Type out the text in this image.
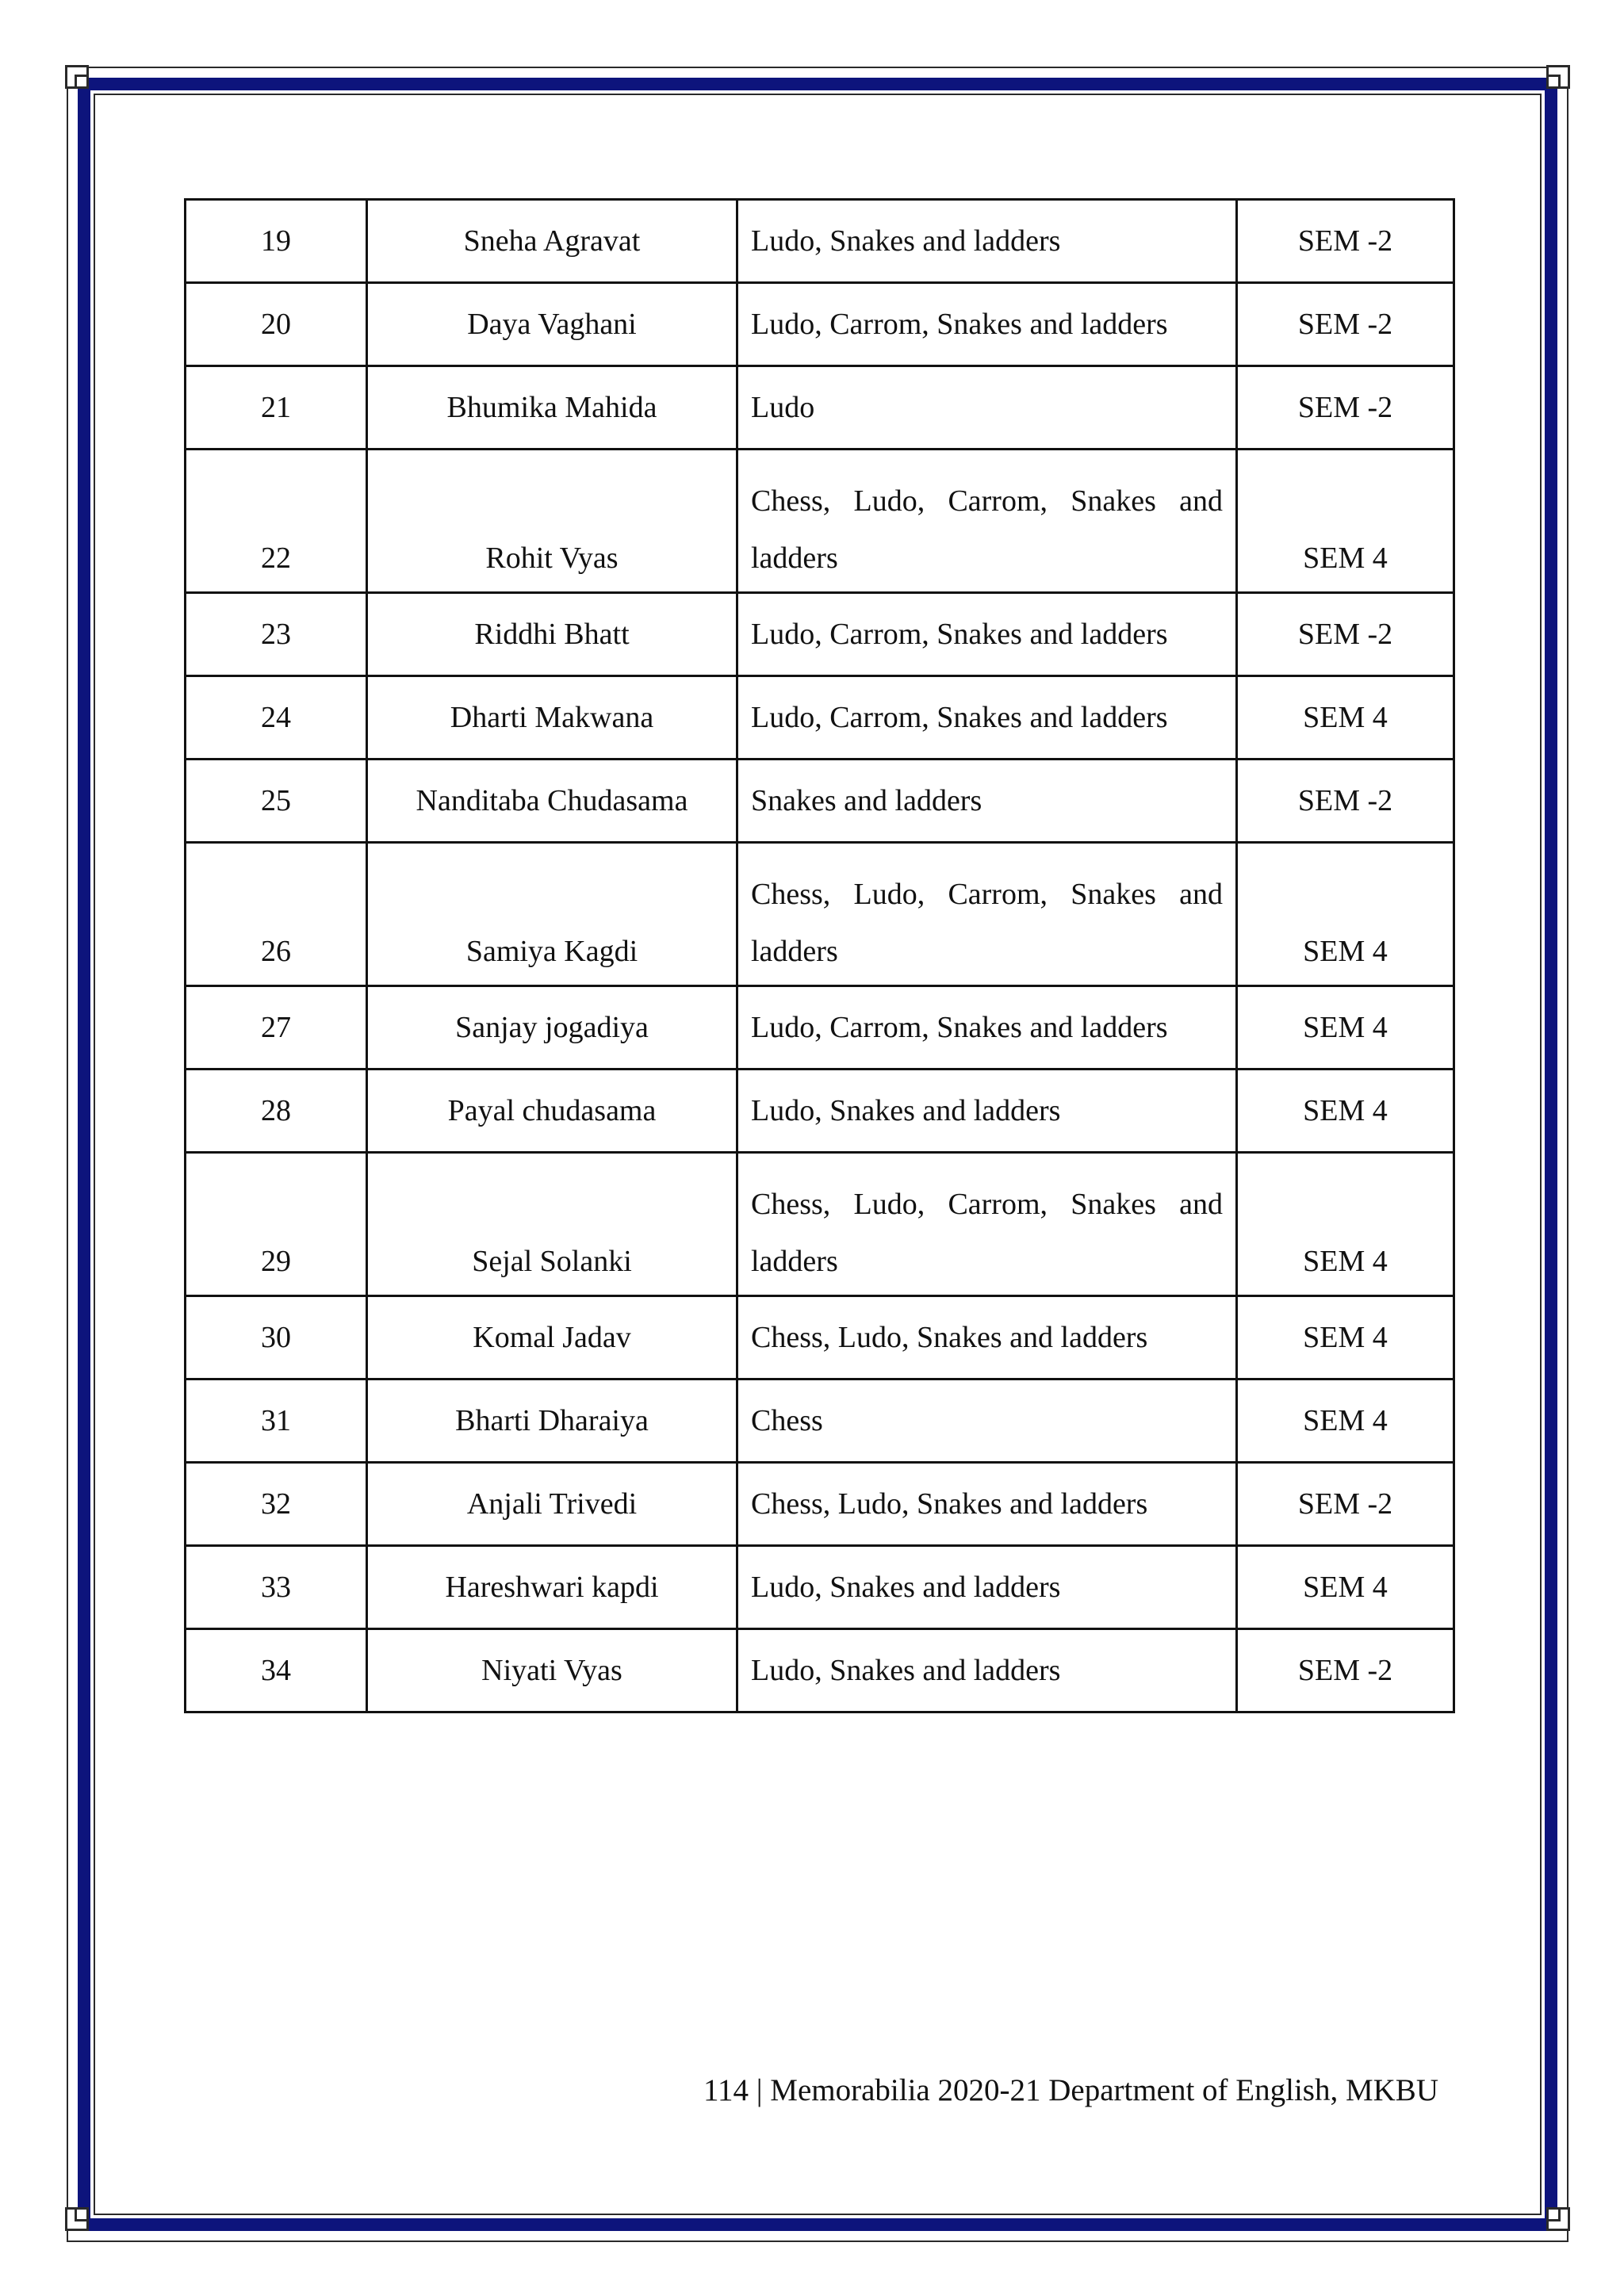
19	Sneha Agravat	Ludo, Snakes and ladders	SEM -2
20	Daya Vaghani	Ludo, Carrom, Snakes and ladders	SEM -2
21	Bhumika Mahida	Ludo	SEM -2
22	Rohit Vyas	Chess, Ludo, Carrom, Snakes and ladders	SEM 4
23	Riddhi Bhatt	Ludo, Carrom, Snakes and ladders	SEM -2
24	Dharti Makwana	Ludo, Carrom, Snakes and ladders	SEM 4
25	Nanditaba Chudasama	Snakes and ladders	SEM -2
26	Samiya Kagdi	Chess, Ludo, Carrom, Snakes and ladders	SEM 4
27	Sanjay jogadiya	Ludo, Carrom, Snakes and ladders	SEM 4
28	Payal chudasama	Ludo, Snakes and ladders	SEM 4
29	Sejal Solanki	Chess, Ludo, Carrom, Snakes and ladders	SEM 4
30	Komal Jadav	Chess, Ludo, Snakes and ladders	SEM 4
31	Bharti Dharaiya	Chess	SEM 4
32	Anjali Trivedi	Chess, Ludo, Snakes and ladders	SEM -2
33	Hareshwari kapdi	Ludo, Snakes and ladders	SEM 4
34	Niyati Vyas	Ludo, Snakes and ladders	SEM -2
114 | Memorabilia 2020-21 Department of English, MKBU
